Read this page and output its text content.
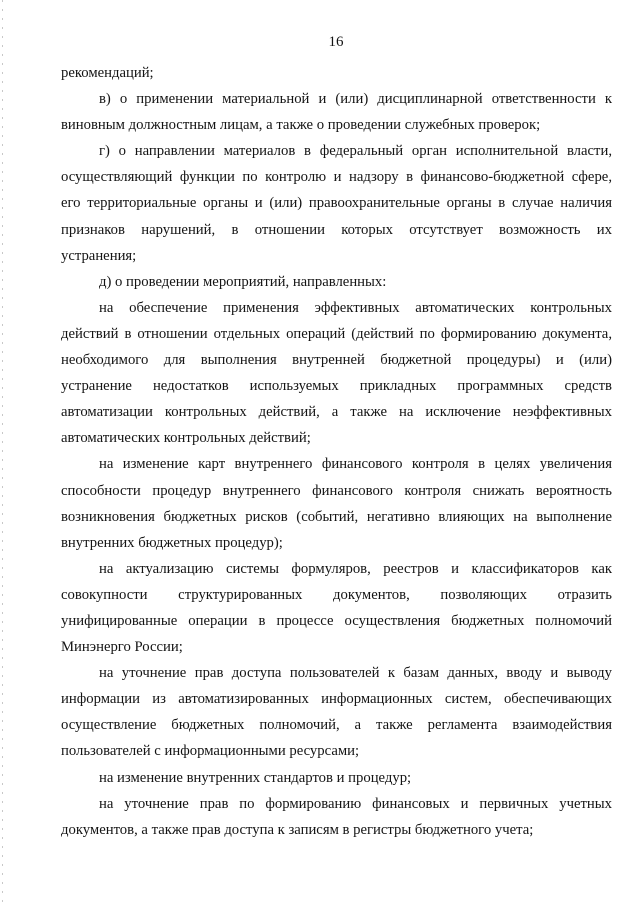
16
рекомендаций;
в) о применении материальной и (или) дисциплинарной ответственности к
виновным должностным лицам, а также о проведении служебных проверок;
г) о направлении материалов в федеральный орган исполнительной власти,
осуществляющий функции по контролю и надзору в финансово-бюджетной сфере,
его территориальные органы и (или) правоохранительные органы в случае наличия
признаков нарушений, в отношении которых отсутствует возможность их
устранения;
д) о проведении мероприятий, направленных:
на обеспечение применения эффективных автоматических контрольных
действий в отношении отдельных операций (действий по формированию документа,
необходимого для выполнения внутренней бюджетной процедуры) и (или)
устранение недостатков используемых прикладных программных средств
автоматизации контрольных действий, а также на исключение неэффективных
автоматических контрольных действий;
на изменение карт внутреннего финансового контроля в целях увеличения
способности процедур внутреннего финансового контроля снижать вероятность
возникновения бюджетных рисков (событий, негативно влияющих на выполнение
внутренних бюджетных процедур);
на актуализацию системы формуляров, реестров и классификаторов как
совокупности структурированных документов, позволяющих отразить
унифицированные операции в процессе осуществления бюджетных полномочий
Минэнерго России;
на уточнение прав доступа пользователей к базам данных, вводу и выводу
информации из автоматизированных информационных систем, обеспечивающих
осуществление бюджетных полномочий, а также регламента взаимодействия
пользователей с информационными ресурсами;
на изменение внутренних стандартов и процедур;
на уточнение прав по формированию финансовых и первичных учетных
документов, а также прав доступа к записям в регистры бюджетного учета;
